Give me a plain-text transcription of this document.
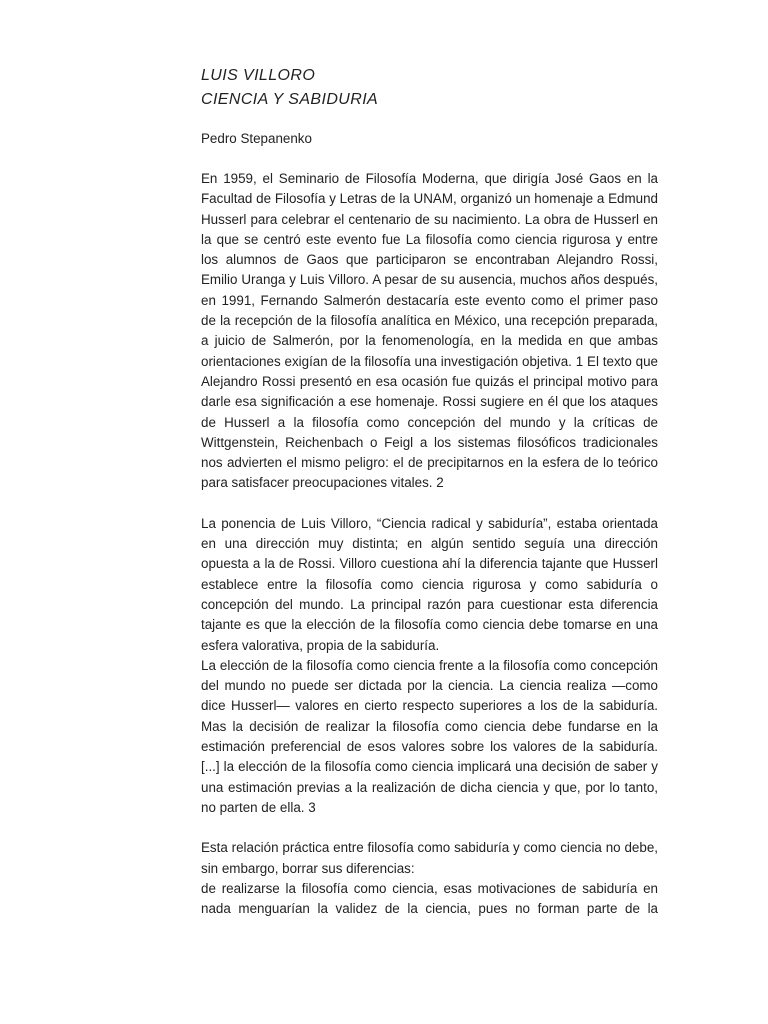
LUIS VILLORO
CIENCIA Y SABIDURIA
Pedro Stepanenko
En 1959, el Seminario de Filosofía Moderna, que dirigía José Gaos en la Facultad de Filosofía y Letras de la UNAM, organizó un homenaje a Edmund Husserl para celebrar el centenario de su nacimiento. La obra de Husserl en la que se centró este evento fue La filosofía como ciencia rigurosa y entre los alumnos de Gaos que participaron se encontraban Alejandro Rossi, Emilio Uranga y Luis Villoro. A pesar de su ausencia, muchos años después, en 1991, Fernando Salmerón destacaría este evento como el primer paso de la recepción de la filosofía analítica en México, una recepción preparada, a juicio de Salmerón, por la fenomenología, en la medida en que ambas orientaciones exigían de la filosofía una investigación objetiva. 1 El texto que Alejandro Rossi presentó en esa ocasión fue quizás el principal motivo para darle esa significación a ese homenaje. Rossi sugiere en él que los ataques de Husserl a la filosofía como concepción del mundo y la críticas de Wittgenstein, Reichenbach o Feigl a los sistemas filosóficos tradicionales nos advierten el mismo peligro: el de precipitarnos en la esfera de lo teórico para satisfacer preocupaciones vitales. 2
La ponencia de Luis Villoro, “Ciencia radical y sabiduría”, estaba orientada en una dirección muy distinta; en algún sentido seguía una dirección opuesta a la de Rossi. Villoro cuestiona ahí la diferencia tajante que Husserl establece entre la filosofía como ciencia rigurosa y como sabiduría o concepción del mundo. La principal razón para cuestionar esta diferencia tajante es que la elección de la filosofía como ciencia debe tomarse en una esfera valorativa, propia de la sabiduría.
La elección de la filosofía como ciencia frente a la filosofía como concepción del mundo no puede ser dictada por la ciencia. La ciencia realiza —como dice Husserl— valores en cierto respecto superiores a los de la sabiduría. Mas la decisión de realizar la filosofía como ciencia debe fundarse en la estimación preferencial de esos valores sobre los valores de la sabiduría. [...] la elección de la filosofía como ciencia implicará una decisión de saber y una estimación previas a la realización de dicha ciencia y que, por lo tanto, no parten de ella. 3
Esta relación práctica entre filosofía como sabiduría y como ciencia no debe, sin embargo, borrar sus diferencias:
de realizarse la filosofía como ciencia, esas motivaciones de sabiduría en nada menguarían la validez de la ciencia, pues no forman parte de la
